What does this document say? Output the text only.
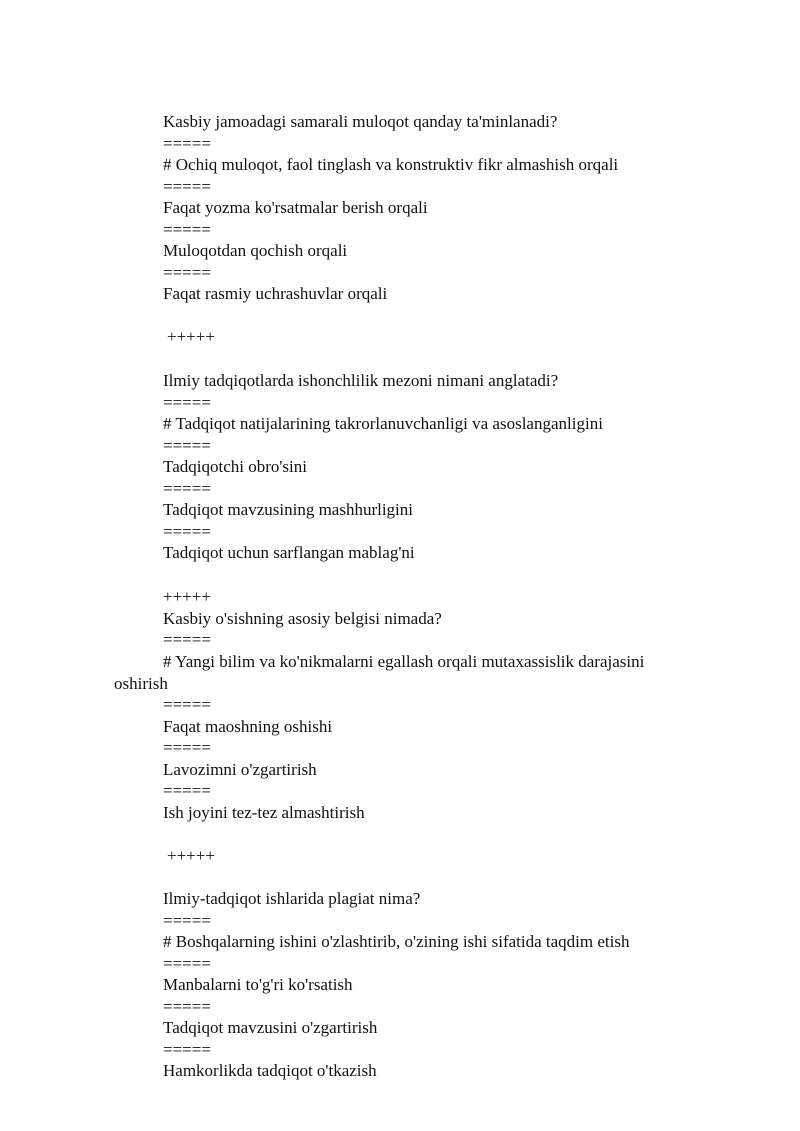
Kasbiy jamoadagi samarali muloqot qanday ta'minlanadi?
=====
# Ochiq muloqot, faol tinglash va konstruktiv fikr almashish orqali
=====
Faqat yozma ko'rsatmalar berish orqali
=====
Muloqotdan qochish orqali
=====
Faqat rasmiy uchrashuvlar orqali
+++++
Ilmiy tadqiqotlarda ishonchlilik mezoni nimani anglatadi?
=====
# Tadqiqot natijalarining takrorlanuvchanligi va asoslanganligini
=====
Tadqiqotchi obro'sini
=====
Tadqiqot mavzusining mashhurligini
=====
Tadqiqot uchun sarflangan mablag'ni
+++++
Kasbiy o'sishning asosiy belgisi nimada?
=====
# Yangi bilim va ko'nikmalarni egallash orqali mutaxassislik darajasini
oshirish
=====
Faqat maoshning oshishi
=====
Lavozimni o'zgartirish
=====
Ish joyini tez-tez almashtirish
+++++
Ilmiy-tadqiqot ishlarida plagiat nima?
=====
# Boshqalarning ishini o'zlashtirib, o'zining ishi sifatida taqdim etish
=====
Manbalarni to'g'ri ko'rsatish
=====
Tadqiqot mavzusini o'zgartirish
=====
Hamkorlikda tadqiqot o'tkazish
